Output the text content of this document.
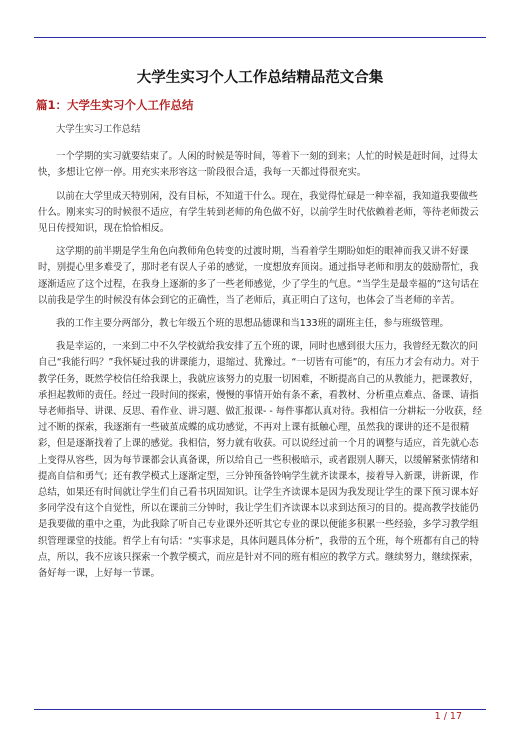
大学生实习个人工作总结精品范文合集
篇1：大学生实习个人工作总结

大学生实习工作总结

一个学期的实习就要结束了。人闲的时候是等时间，等着下一刻的到来；人忙的时候是赶时间，过得太快，多想让它停一停。用充实来形容这一阶段很合适，我每一天都过得很充实。

以前在大学里成天特别闲，没有目标，不知道干什么。现在，我觉得忙碌是一种幸福，我知道我要做些什么。刚来实习的时候很不适应，有学生转到老师的角色做不好，以前学生时代依赖着老师，等待老师拨云见日传授知识，现在恰恰相反。

这学期的前半期是学生角色向教师角色转变的过渡时期，当看着学生期盼如炬的眼神而我又讲不好课时，别提心里多难受了，那时老有误人子弟的感觉，一度想放弃顶岗。通过指导老师和朋友的鼓励帮忙，我逐渐适应了这个过程，在我身上逐渐的多了一些老师感觉，少了学生的气息。“当学生是最幸福的”这句话在以前我是学生的时候没有体会到它的正确性，当了老师后，真正明白了这句，也体会了当老师的辛苦。

我的工作主要分两部分，教七年级五个班的思想品德课和当133班的副班主任，参与班级管理。

我是幸运的，一来到二中不久学校就给我安排了五个班的课，同时也感到很大压力，我曾经无数次的问自己“我能行吗？”我怀疑过我的讲课能力，退缩过、犹豫过。“一切皆有可能”的，有压力才会有动力。对于教学任务，既然学校信任给我课上，我就应该努力的克服一切困难，不断提高自己的从教能力，把课教好，承担起教师的责任。经过一段时间的探索，慢慢的事情开始有条不紊，看教材、分析重点难点、备课、请指导老师指导、讲课、反思、看作业、讲习题、做汇报课- - 每件事都认真对待。我相信一分耕耘一分收获，经过不断的探索，我逐渐有一些破茧成蝶的成功感觉，不再对上课有抵触心理，虽然我的课讲的还不是很精彩，但是逐渐找着了上课的感觉。我相信，努力就有收获。可以说经过前一个月的调整与适应，首先就心态上变得从容些，因为每节课都会认真备课，所以给自己一些积极暗示，或者跟别人聊天，以缓解紧张情绪和提高自信和勇气；还有教学模式上逐渐定型，三分钟预备铃响学生就齐读课本，接着导入新课，讲新课，作总结，如果还有时间就让学生们自己看书巩固知识。让学生齐读课本是因为我发现让学生的课下预习课本好多同学没有这个自觉性，所以在课前三分钟时，我让学生们齐读课本以求到达预习的目的。提高教学技能仍是我要做的重中之重，为此我除了听自己专业课外还听其它专业的课以便能多积累一些经验，多学习教学组织管理课堂的技能。哲学上有句话：“实事求是，具体问题具体分析”，我带的五个班，每个班都有自己的特点，所以，我不应该只探索一个教学模式，而应是针对不同的班有相应的教学方式。继续努力，继续探索，备好每一课，上好每一节课。

1 / 17
